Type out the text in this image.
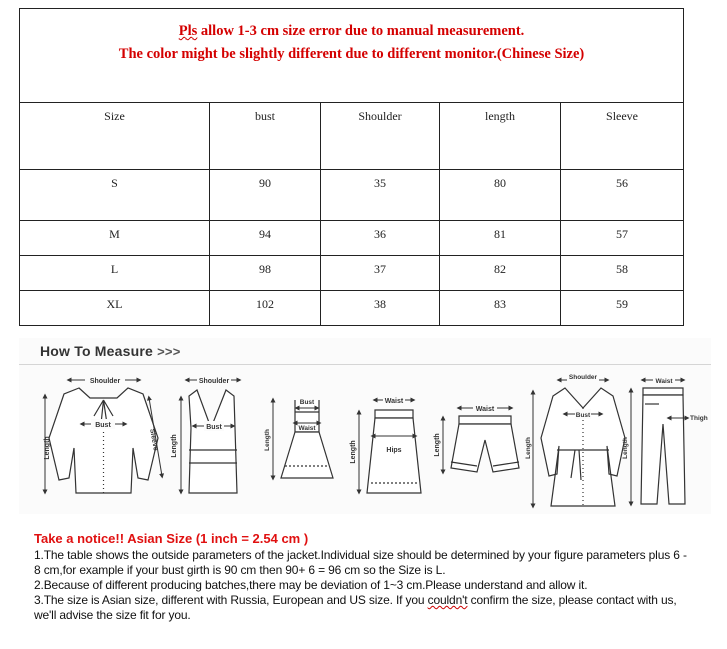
Pls allow 1-3 cm size error due to manual measurement.
The color might be slightly different due to different monitor.(Chinese Size)				

Size	bust	Shoulder	length	Sleeve
S	90	35	80	56
M	94	36	81	57
L	98	37	82	58
XL	102	38	83	59
How To Measure >>>
Shoulder
Bust
Length	Sleeve
Shoulder
Bust
Length
Bust
Waist
Length
Waist
Hips
Length
Waist
Length
Shoulder
Bust
Length
Waist
Thigh
Length
Take a notice!! Asian Size (1 inch = 2.54 cm )

1.The table shows the outside parameters of the jacket.Individual size should be determined by your figure parameters plus 6 - 8 cm,for example if your bust girth is 90 cm then 90+ 6 = 96 cm so the Size is L.

2.Because of different producing batches,there may be deviation of 1~3 cm.Please understand and allow it.

3.The size is Asian size, different with Russia, European and US size. If you couldn't confirm the size, please contact with us, we'll advise the size fit for you.
